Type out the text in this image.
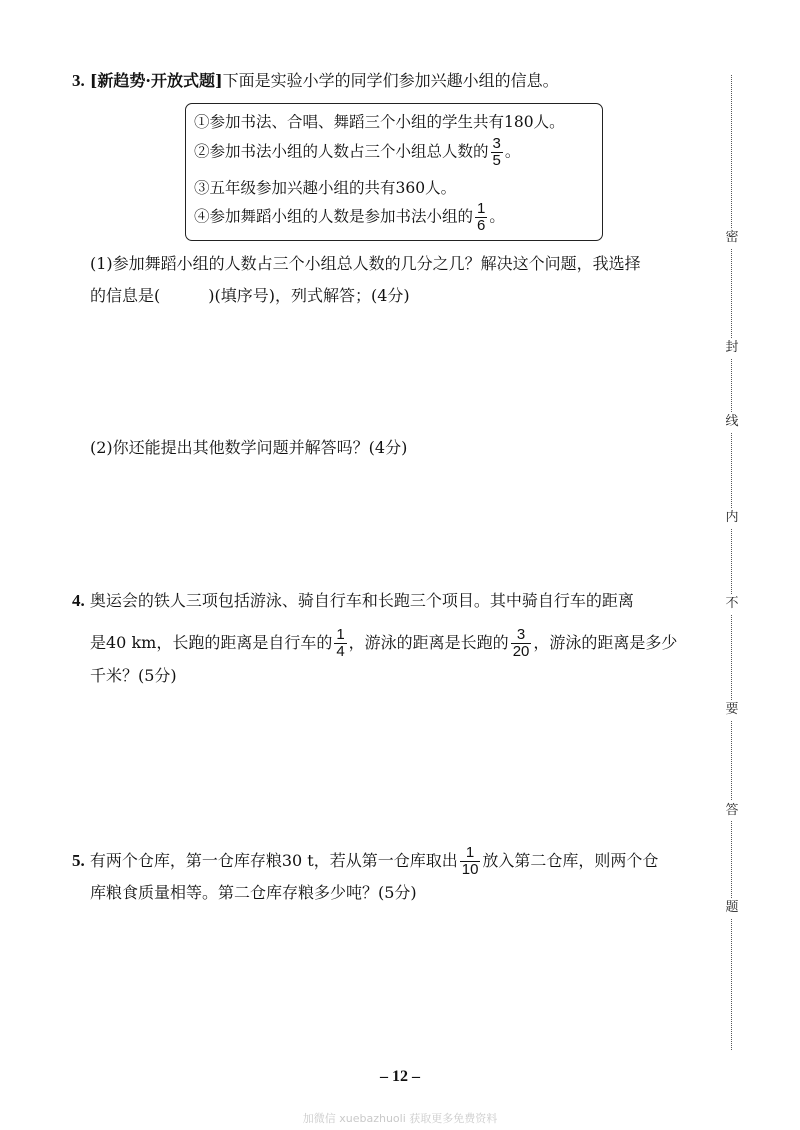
3. [新趋势·开放式题]下面是实验小学的同学们参加兴趣小组的信息。
①参加书法、合唱、舞蹈三个小组的学生共有180人。
②参加书法小组的人数占三个小组总人数的 $\frac{3}{5}$ 。
③五年级参加兴趣小组的共有360人。
④参加舞蹈小组的人数是参加书法小组的 $\frac{1}{6}$ 。
(1)参加舞蹈小组的人数占三个小组总人数的几分之几？解决这个问题，我选择
的信息是(	)(填序号)，列式解答；(4分)
(2)你还能提出其他数学问题并解答吗？(4分)
4. 奥运会的铁人三项包括游泳、骑自行车和长跑三个项目。其中骑自行车的距离
是40 km，长跑的距离是自行车的 $\frac{1}{4}$ ，游泳的距离是长跑的 $\frac{3}{20}$ ，游泳的距离是多少
千米？(5分)
5. 有两个仓库，第一仓库存粮30 t，若从第一仓库取出 $\frac{1}{10}$ 放入第二仓库，则两个仓
库粮食质量相等。第二仓库存粮多少吨？(5分)
密
封
线
内
不
要
答
题
– 12 –
加微信 xuebazhuoli 获取更多免费资料
